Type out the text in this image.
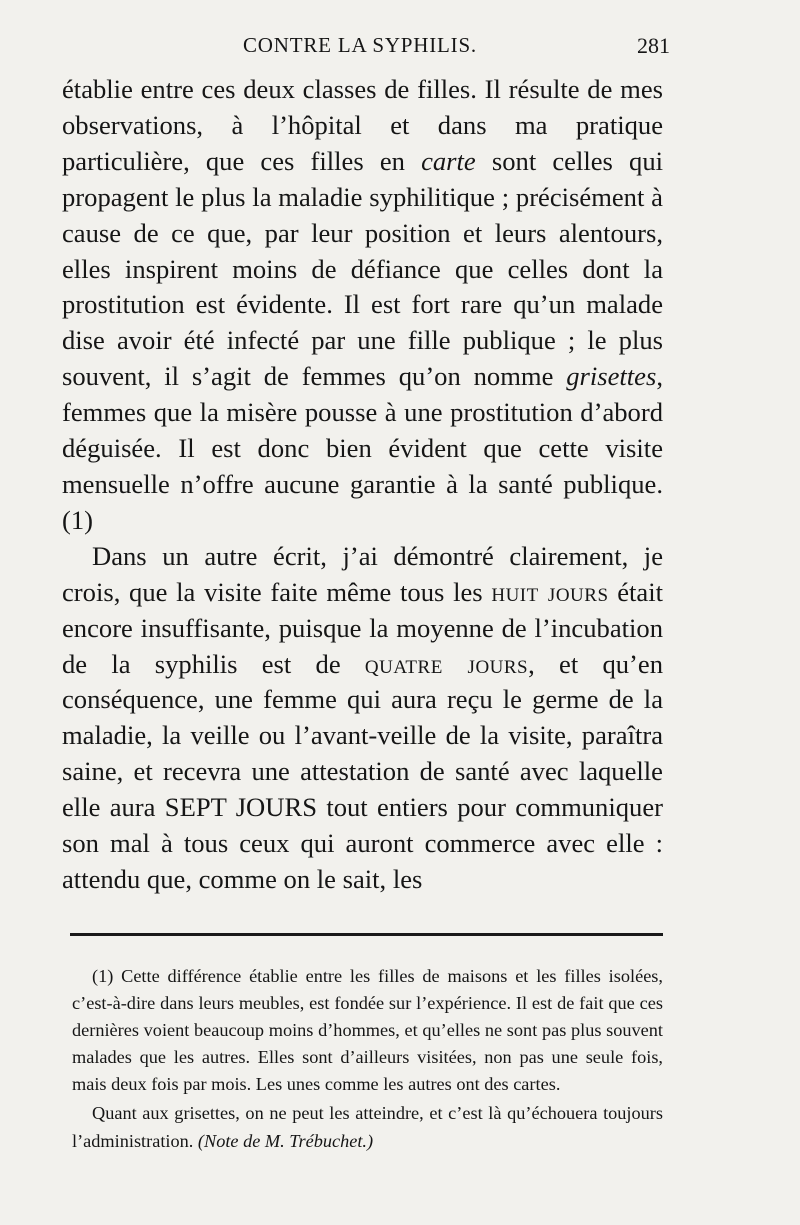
CONTRE LA SYPHILIS.	281

établie entre ces deux classes de filles. Il résulte de mes observations, à l’hôpital et dans ma pratique particulière, que ces filles en carte sont celles qui propagent le plus la maladie syphilitique ; précisément à cause de ce que, par leur position et leurs alentours, elles inspirent moins de défiance que celles dont la prostitution est évidente. Il est fort rare qu’un malade dise avoir été infecté par une fille publique ; le plus souvent, il s’agit de femmes qu’on nomme grisettes, femmes que la misère pousse à une prostitution d’abord déguisée. Il est donc bien évident que cette visite mensuelle n’offre aucune garantie à la santé publique. (1)

Dans un autre écrit, j’ai démontré clairement, je crois, que la visite faite même tous les huit jours était encore insuffisante, puisque la moyenne de l’incubation de la syphilis est de quatre jours, et qu’en conséquence, une femme qui aura reçu le germe de la maladie, la veille ou l’avant-veille de la visite, paraîtra saine, et recevra une attestation de santé avec laquelle elle aura SEPT JOURS tout entiers pour communiquer son mal à tous ceux qui auront commerce avec elle : attendu que, comme on le sait, les

(1) Cette différence établie entre les filles de maisons et les filles isolées, c’est-à-dire dans leurs meubles, est fondée sur l’expérience. Il est de fait que ces dernières voient beaucoup moins d’hommes, et qu’elles ne sont pas plus souvent malades que les autres. Elles sont d’ailleurs visitées, non pas une seule fois, mais deux fois par mois. Les unes comme les autres ont des cartes.

Quant aux grisettes, on ne peut les atteindre, et c’est là qu’échouera toujours l’administration. (Note de M. Trébuchet.)
